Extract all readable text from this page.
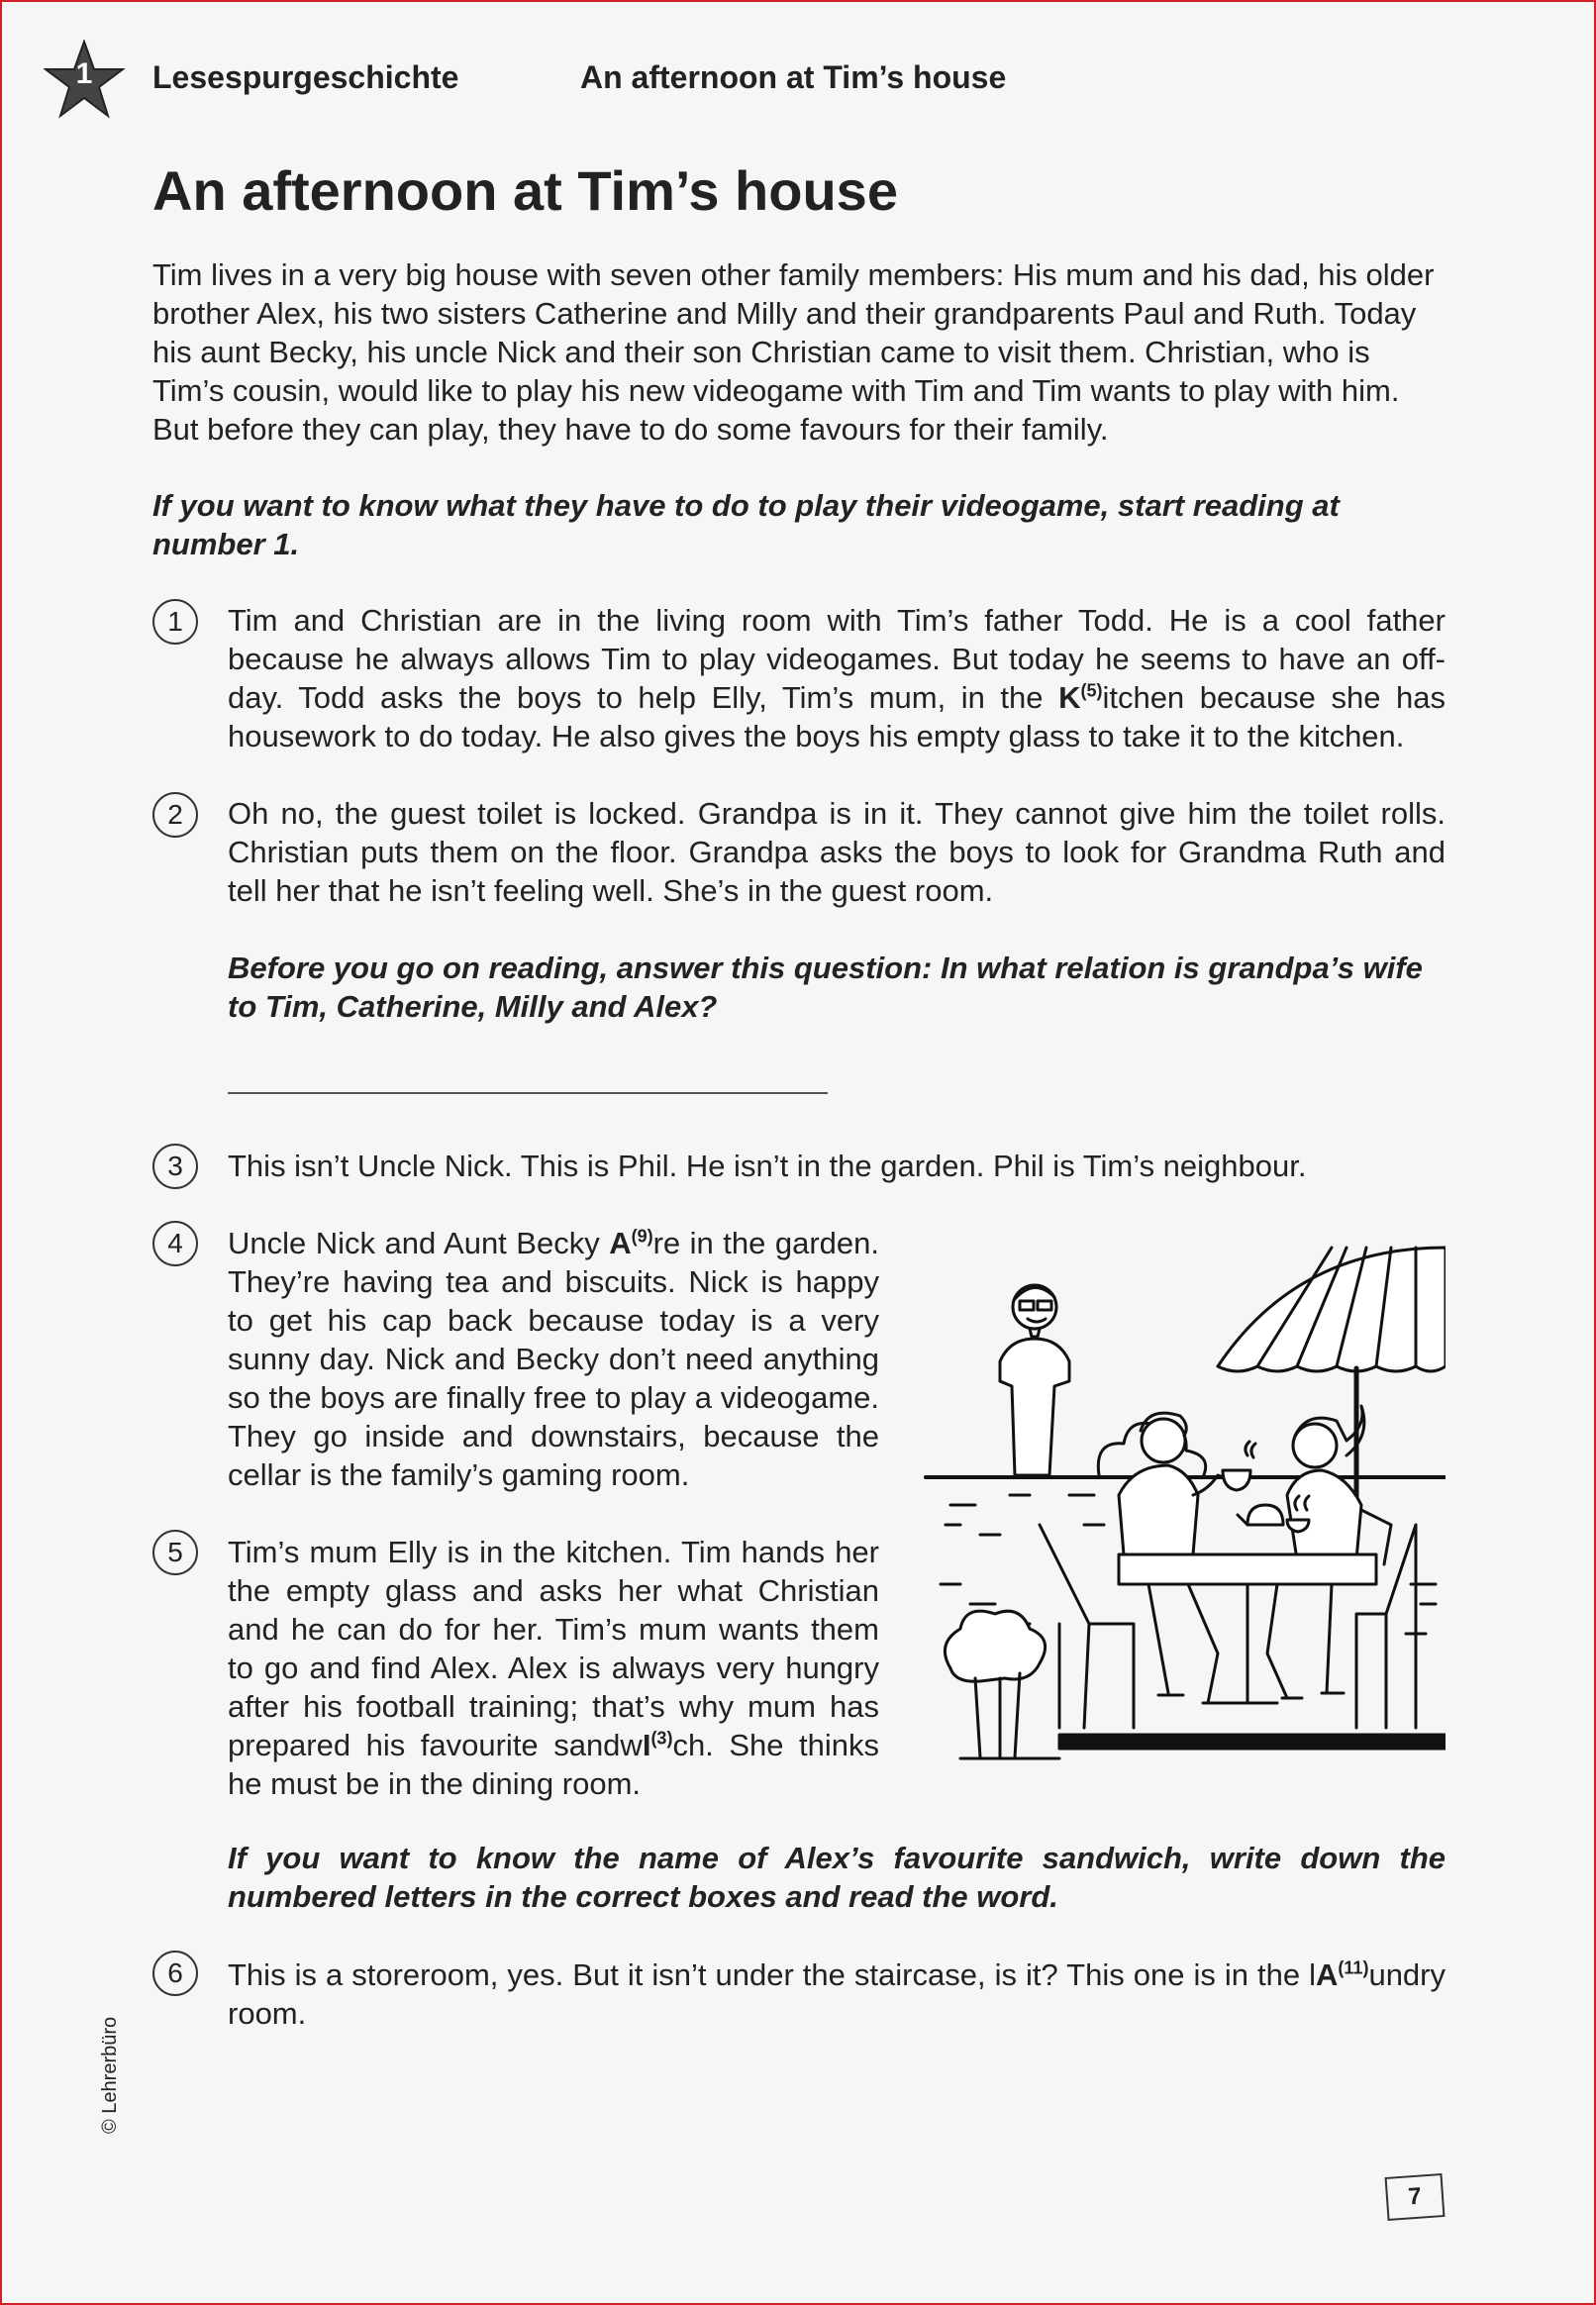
1	Lesespurgeschichte	An afternoon at Tim’s house
An afternoon at Tim’s house
Tim lives in a very big house with seven other family members: His mum and his dad, his older brother Alex, his two sisters Catherine and Milly and their grandparents Paul and Ruth. Today his aunt Becky, his uncle Nick and their son Christian came to visit them. Christian, who is Tim’s cousin, would like to play his new videogame with Tim and Tim wants to play with him. But before they can play, they have to do some favours for their family.
If you want to know what they have to do to play their videogame, start reading at number 1.
1	Tim and Christian are in the living room with Tim’s father Todd. He is a cool father because he always allows Tim to play videogames. But today he seems to have an off-day. Todd asks the boys to help Elly, Tim’s mum, in the $K^{(5)}itchen$ because she has housework to do today. He also gives the boys his empty glass to take it to the kitchen.
2	Oh no, the guest toilet is locked. Grandpa is in it. They cannot give him the toilet rolls. Christian puts them on the floor. Grandpa asks the boys to look for Grandma Ruth and tell her that he isn’t feeling well. She’s in the guest room.
Before you go on reading, answer this question: In what relation is grandpa’s wife to Tim, Catherine, Milly and Alex?
3	This isn’t Uncle Nick. This is Phil. He isn’t in the garden. Phil is Tim’s neighbour.
4	Uncle Nick and Aunt Becky $A^{(9)}re$ in the garden. They’re having tea and biscuits. Nick is happy to get his cap back because today is a very sunny day. Nick and Becky don’t need anything so the boys are finally free to play a videogame. They go inside and downstairs, because the cellar is the family’s gaming room.
5	Tim’s mum Elly is in the kitchen. Tim hands her the empty glass and asks her what Christian and he can do for her. Tim’s mum wants them to go and find Alex. Alex is always very hungry after his football training; that’s why mum has prepared his favourite sandwI$^{(3)}$ch. She thinks he must be in the dining room.
If you want to know the name of Alex’s favourite sandwich, write down the numbered letters in the correct boxes and read the word.
6	This is a storeroom, yes. But it isn’t under the staircase, is it? This one is in the $lA^{(11)}undry$ room.
© Lehrerbüro
7
